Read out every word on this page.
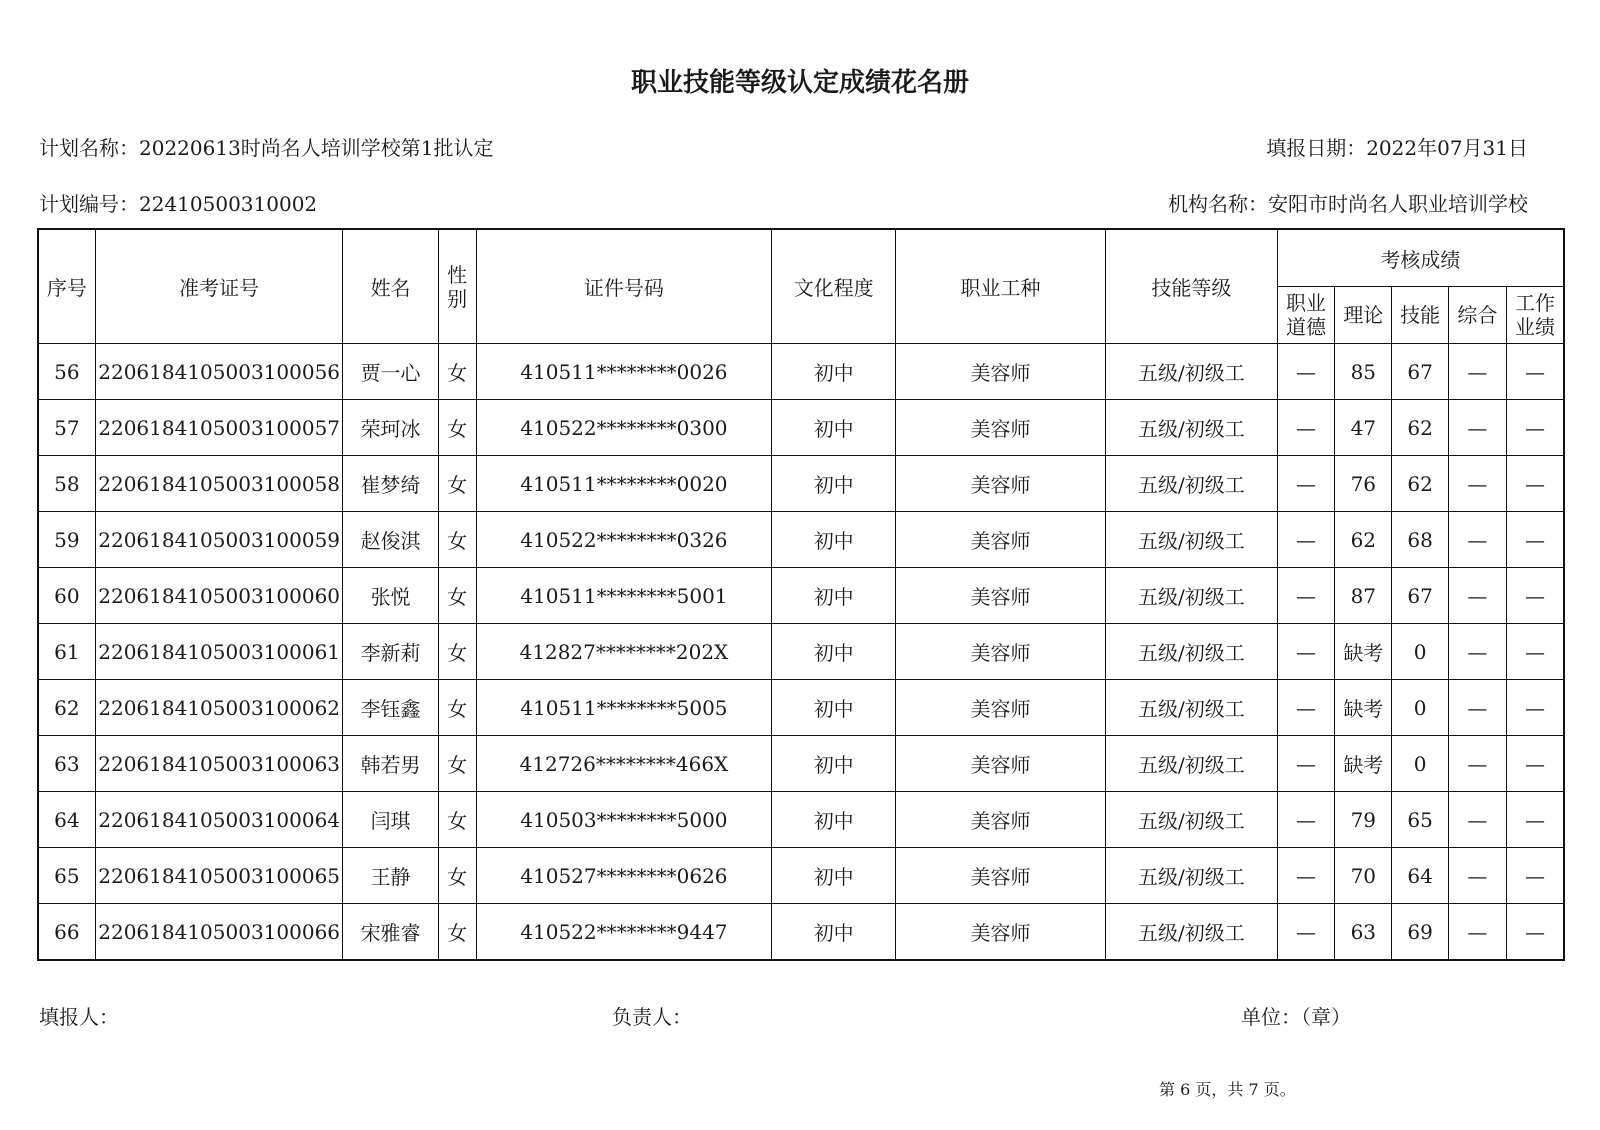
职业技能等级认定成绩花名册
计划名称：20220613时尚名人培训学校第1批认定	填报日期：2022年07月31日
计划编号：22410500310002	机构名称：安阳市时尚名人职业培训学校
序号	准考证号	姓名	性别	证件号码	文化程度	职业工种	技能等级	考核成绩				
								职业道德	理论	技能	综合	工作业绩
56	2206184105003100056	贾一心	女	410511********0026	初中	美容师	五级/初级工	—	85	67	—	—
57	2206184105003100057	荣珂冰	女	410522********0300	初中	美容师	五级/初级工	—	47	62	—	—
58	2206184105003100058	崔梦绮	女	410511********0020	初中	美容师	五级/初级工	—	76	62	—	—
59	2206184105003100059	赵俊淇	女	410522********0326	初中	美容师	五级/初级工	—	62	68	—	—
60	2206184105003100060	张悦	女	410511********5001	初中	美容师	五级/初级工	—	87	67	—	—
61	2206184105003100061	李新莉	女	412827********202X	初中	美容师	五级/初级工	—	缺考	0	—	—
62	2206184105003100062	李钰鑫	女	410511********5005	初中	美容师	五级/初级工	—	缺考	0	—	—
63	2206184105003100063	韩若男	女	412726********466X	初中	美容师	五级/初级工	—	缺考	0	—	—
64	2206184105003100064	闫琪	女	410503********5000	初中	美容师	五级/初级工	—	79	65	—	—
65	2206184105003100065	王静	女	410527********0626	初中	美容师	五级/初级工	—	70	64	—	—
66	2206184105003100066	宋雅睿	女	410522********9447	初中	美容师	五级/初级工	—	63	69	—	—
填报人：	负责人：	单位：（章）
第 6 页，共 7 页。
